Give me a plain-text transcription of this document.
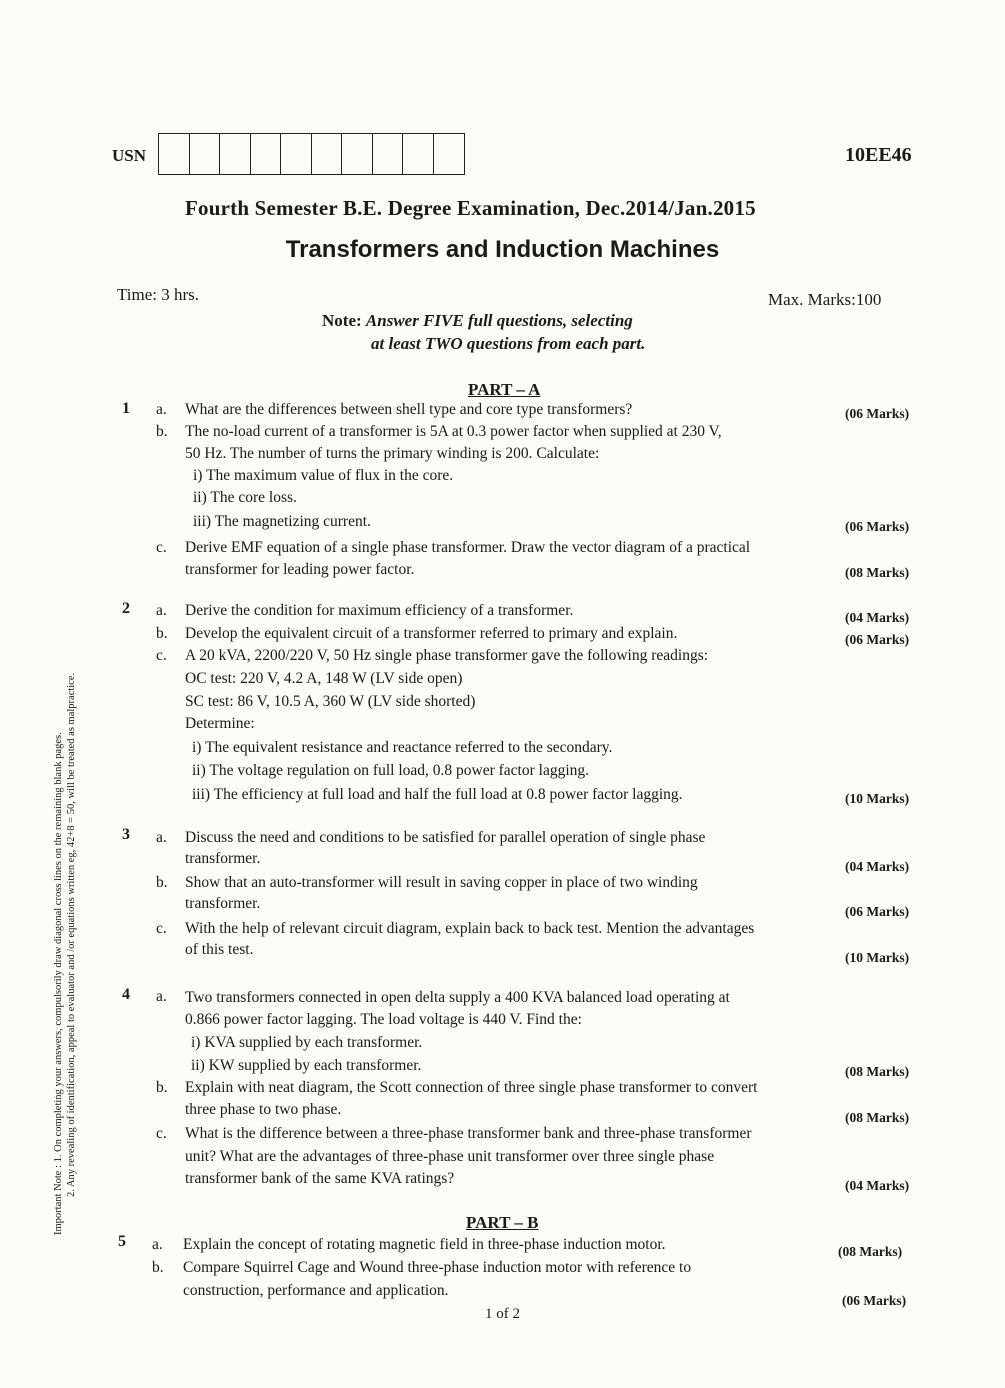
USN	10EE46
Fourth Semester B.E. Degree Examination, Dec.2014/Jan.2015
Transformers and Induction Machines
Time: 3 hrs.	Max. Marks:100
Note: Answer FIVE full questions, selecting
at least TWO questions from each part.
Important Note : 1. On completing your answers, compulsorily draw diagonal cross lines on the remaining blank pages. 2. Any revealing of identification, appeal to evaluator and /or equations written eg, 42+8 = 50, will be treated as malpractice.
PART – A
1 a. What are the differences between shell type and core type transformers?	(06 Marks)
b. The no-load current of a transformer is 5A at 0.3 power factor when supplied at 230 V,
50 Hz. The number of turns the primary winding is 200. Calculate:
i) The maximum value of flux in the core.
ii) The core loss.
iii) The magnetizing current.	(06 Marks)
c. Derive EMF equation of a single phase transformer. Draw the vector diagram of a practical
transformer for leading power factor.	(08 Marks)
2 a. Derive the condition for maximum efficiency of a transformer.	(04 Marks)
b. Develop the equivalent circuit of a transformer referred to primary and explain.	(06 Marks)
c. A 20 kVA, 2200/220 V, 50 Hz single phase transformer gave the following readings:
OC test: 220 V, 4.2 A, 148 W (LV side open)
SC test: 86 V, 10.5 A, 360 W (LV side shorted)
Determine:
i) The equivalent resistance and reactance referred to the secondary.
ii) The voltage regulation on full load, 0.8 power factor lagging.
iii) The efficiency at full load and half the full load at 0.8 power factor lagging.	(10 Marks)
3 a. Discuss the need and conditions to be satisfied for parallel operation of single phase
transformer.	(04 Marks)
b. Show that an auto-transformer will result in saving copper in place of two winding
transformer.	(06 Marks)
c. With the help of relevant circuit diagram, explain back to back test. Mention the advantages
of this test.	(10 Marks)
4 a. Two transformers connected in open delta supply a 400 KVA balanced load operating at
0.866 power factor lagging. The load voltage is 440 V. Find the:
i) KVA supplied by each transformer.
ii) KW supplied by each transformer.	(08 Marks)
b. Explain with neat diagram, the Scott connection of three single phase transformer to convert
three phase to two phase.	(08 Marks)
c. What is the difference between a three-phase transformer bank and three-phase transformer
unit? What are the advantages of three-phase unit transformer over three single phase
transformer bank of the same KVA ratings?	(04 Marks)
PART – B
5 a. Explain the concept of rotating magnetic field in three-phase induction motor.	(08 Marks)
b. Compare Squirrel Cage and Wound three-phase induction motor with reference to
construction, performance and application.
(06 Marks)
1 of 2
